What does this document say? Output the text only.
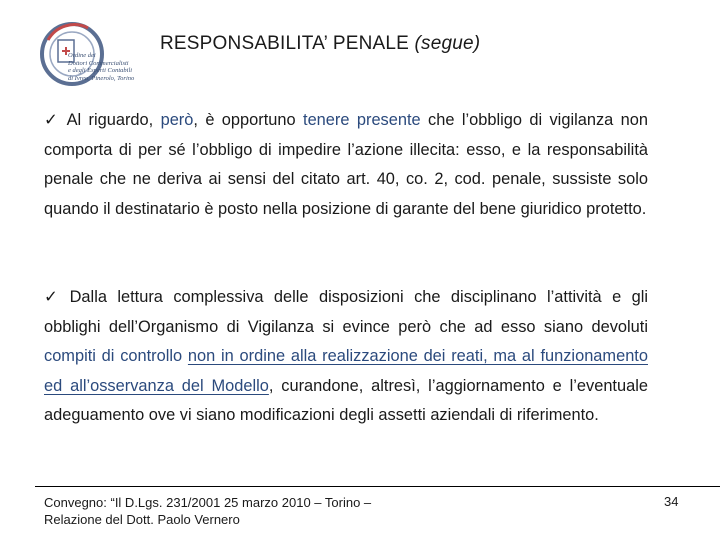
Ordine dei
Dottori Commercialisti
e degli Esperti Contabili
di Ivrea, Pinerolo, Torino
RESPONSABILITA’ PENALE (segue)

✓ Al riguardo, però, è opportuno tenere presente che l’obbligo di vigilanza non comporta di per sé l’obbligo di impedire l’azione illecita: esso, e la responsabilità penale che ne deriva ai sensi del citato art. 40, co. 2, cod. penale, sussiste solo quando il destinatario è posto nella posizione di garante del bene giuridico protetto.

✓ Dalla lettura complessiva delle disposizioni che disciplinano l’attività e gli obblighi dell’Organismo di Vigilanza si evince però che ad esso siano devoluti compiti di controllo non in ordine alla realizzazione dei reati, ma al funzionamento ed all’osservanza del Modello, curandone, altresì, l’aggiornamento e l’eventuale adeguamento ove vi siano modificazioni degli assetti aziendali di riferimento.

Convegno: “Il D.Lgs. 231/2001 25 marzo 2010 – Torino –
Relazione del Dott. Paolo Vernero
34
